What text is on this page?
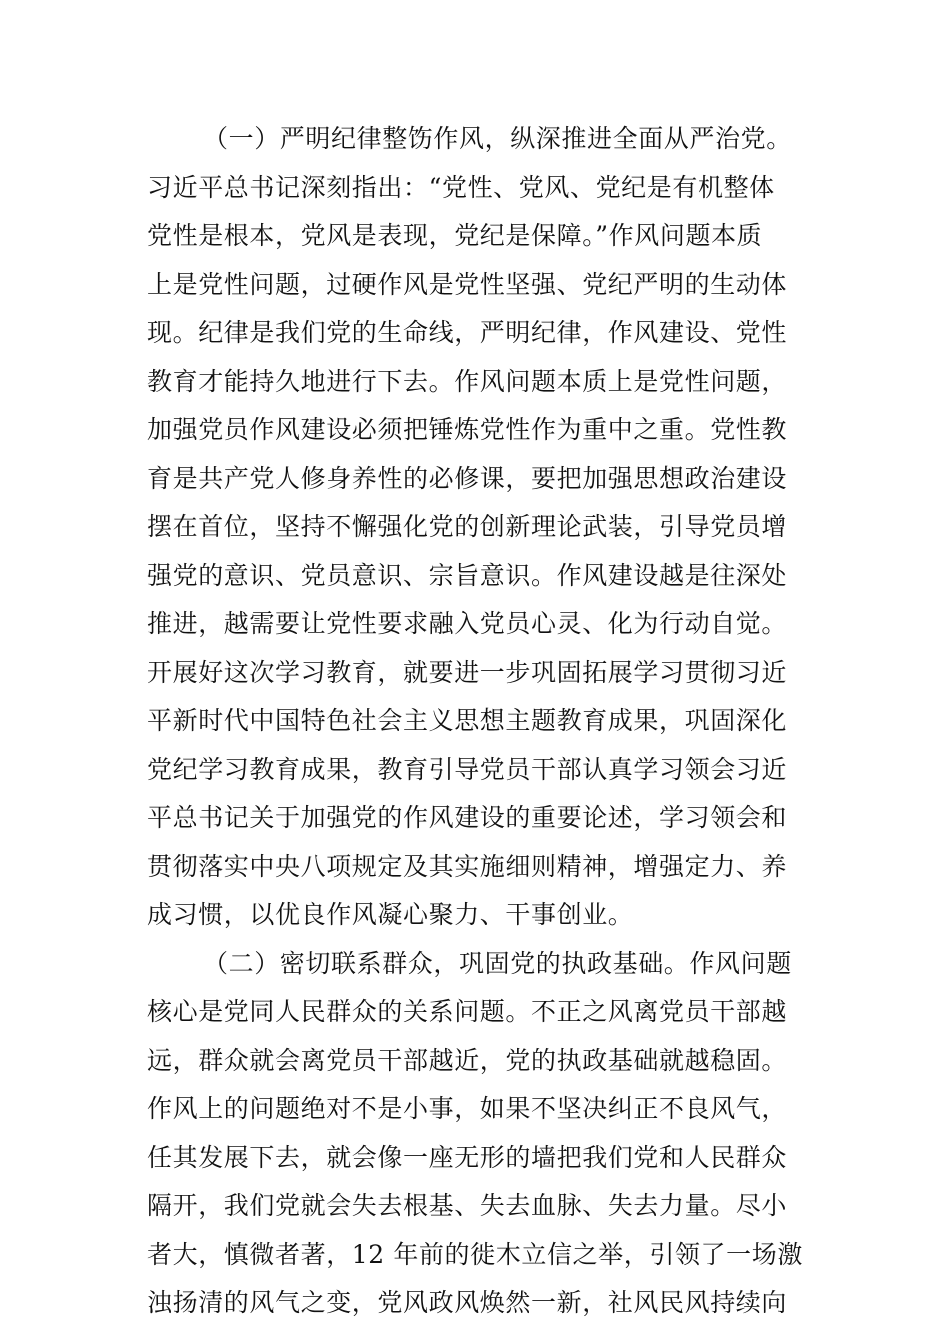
（一）严明纪律整饬作风，纵深推进全面从严治党。
习近平总书记深刻指出：“党性、党风、党纪是有机整体
党性是根本，党风是表现，党纪是保障。”作风问题本质
上是党性问题，过硬作风是党性坚强、党纪严明的生动体
现。纪律是我们党的生命线，严明纪律，作风建设、党性
教育才能持久地进行下去。作风问题本质上是党性问题，
加强党员作风建设必须把锤炼党性作为重中之重。党性教
育是共产党人修身养性的必修课，要把加强思想政治建设
摆在首位，坚持不懈强化党的创新理论武装，引导党员增
强党的意识、党员意识、宗旨意识。作风建设越是往深处
推进，越需要让党性要求融入党员心灵、化为行动自觉。
开展好这次学习教育，就要进一步巩固拓展学习贯彻习近
平新时代中国特色社会主义思想主题教育成果，巩固深化
党纪学习教育成果，教育引导党员干部认真学习领会习近
平总书记关于加强党的作风建设的重要论述，学习领会和
贯彻落实中央八项规定及其实施细则精神，增强定力、养
成习惯，以优良作风凝心聚力、干事创业。
（二）密切联系群众，巩固党的执政基础。作风问题
核心是党同人民群众的关系问题。不正之风离党员干部越
远，群众就会离党员干部越近，党的执政基础就越稳固。
作风上的问题绝对不是小事，如果不坚决纠正不良风气，
任其发展下去，就会像一座无形的墙把我们党和人民群众
隔开，我们党就会失去根基、失去血脉、失去力量。尽小
者大，慎微者著，12 年前的徙木立信之举，引领了一场激
浊扬清的风气之变，党风政风焕然一新，社风民风持续向
